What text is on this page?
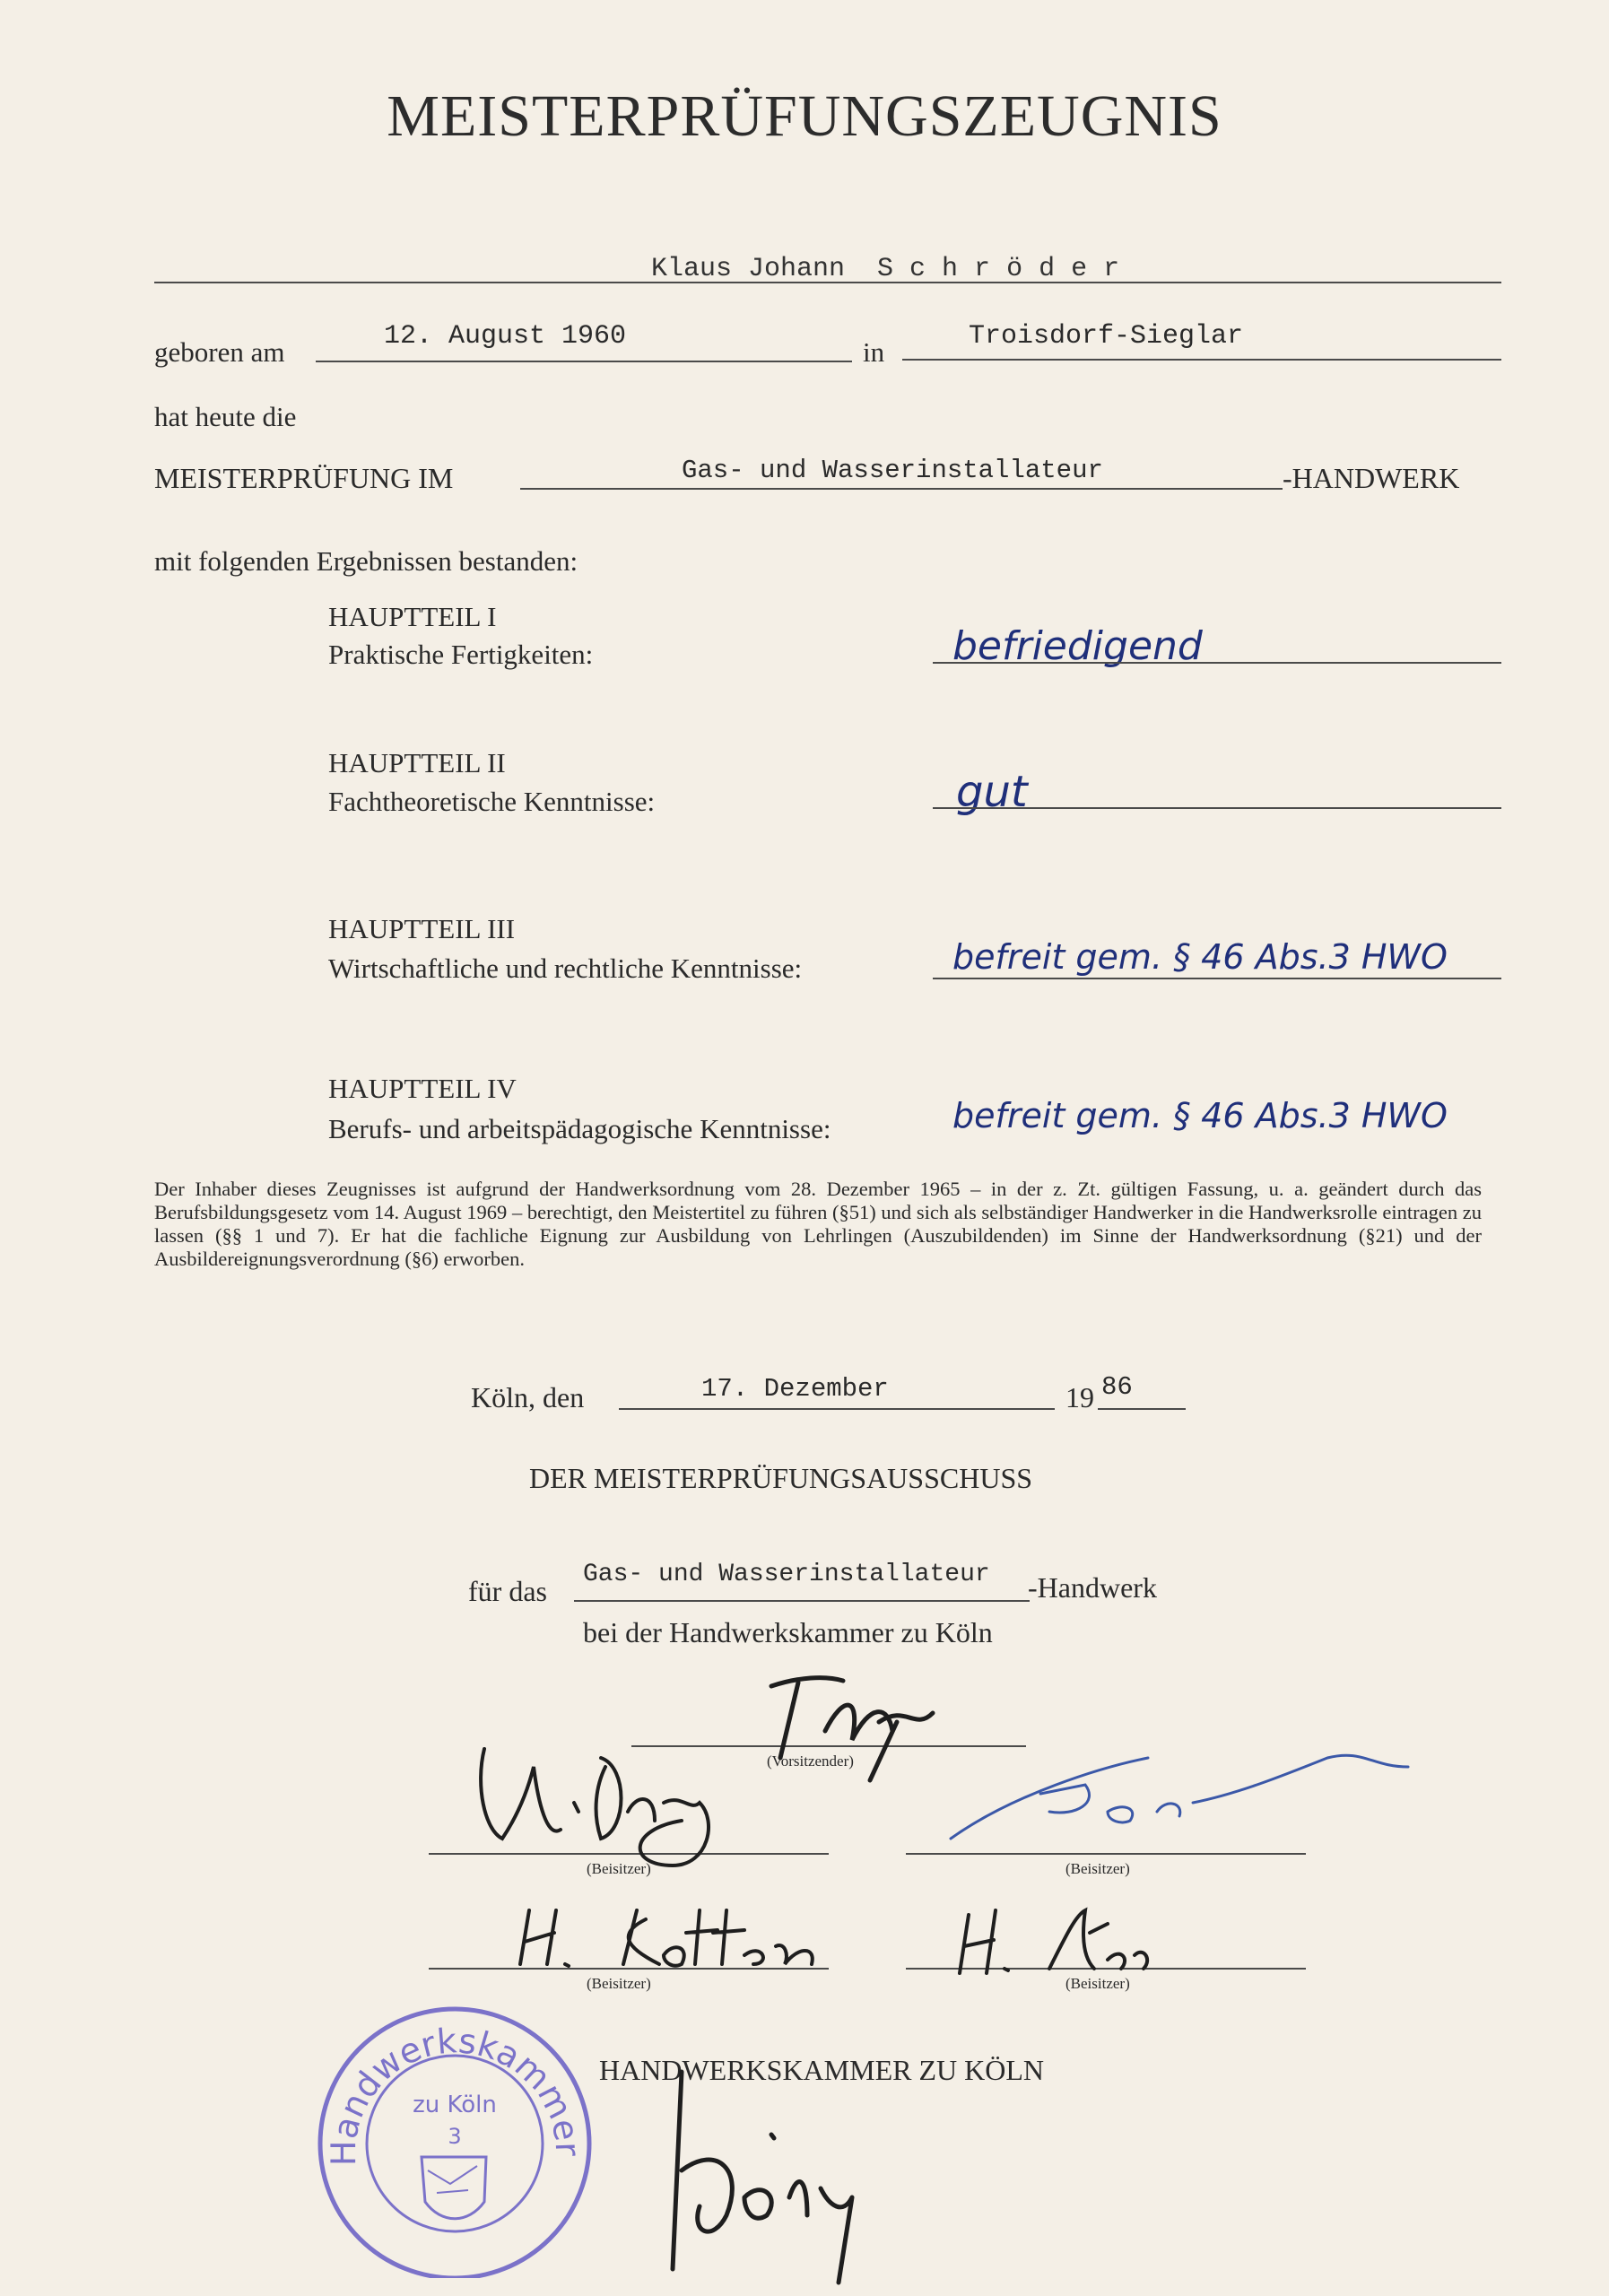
MEISTERPRÜFUNGSZEUGNIS
Klaus Johann  S c h r ö d e r
geboren am	12. August 1960	in	Troisdorf-Sieglar
hat heute die
MEISTERPRÜFUNG IM	Gas- und Wasserinstallateur	-HANDWERK
mit folgenden Ergebnissen bestanden:
HAUPTTEIL I
Praktische Fertigkeiten:	befriedigend
HAUPTTEIL II
Fachtheoretische Kenntnisse:	gut
HAUPTTEIL III
Wirtschaftliche und rechtliche Kenntnisse:	befreit gem. § 46 Abs.3 HWO
HAUPTTEIL IV
Berufs- und arbeitspädagogische Kenntnisse:	befreit gem. § 46 Abs.3 HWO
Der Inhaber dieses Zeugnisses ist aufgrund der Handwerksordnung vom 28. Dezember 1965 – in der z. Zt. gültigen Fassung, u. a. geändert durch das Berufsbildungsgesetz vom 14. August 1969 – berechtigt, den Meistertitel zu führen (§51) und sich als selbständiger Handwerker in die Handwerksrolle eintragen zu lassen (§§ 1 und 7). Er hat die fachliche Eignung zur Ausbildung von Lehrlingen (Auszubildenden) im Sinne der Handwerksordnung (§21) und der Ausbildereignungsverordnung (§6) erworben.
Köln, den	17. Dezember	19 86
DER MEISTERPRÜFUNGSAUSSCHUSS
für das
Gas- und Wasserinstallateur -Handwerk
bei der Handwerkskammer zu Köln
(Vorsitzender)
(Beisitzer)	(Beisitzer)
(Beisitzer)	(Beisitzer)
HANDWERKSKAMMER ZU KÖLN
Handwerkskammer
zu Köln
3
